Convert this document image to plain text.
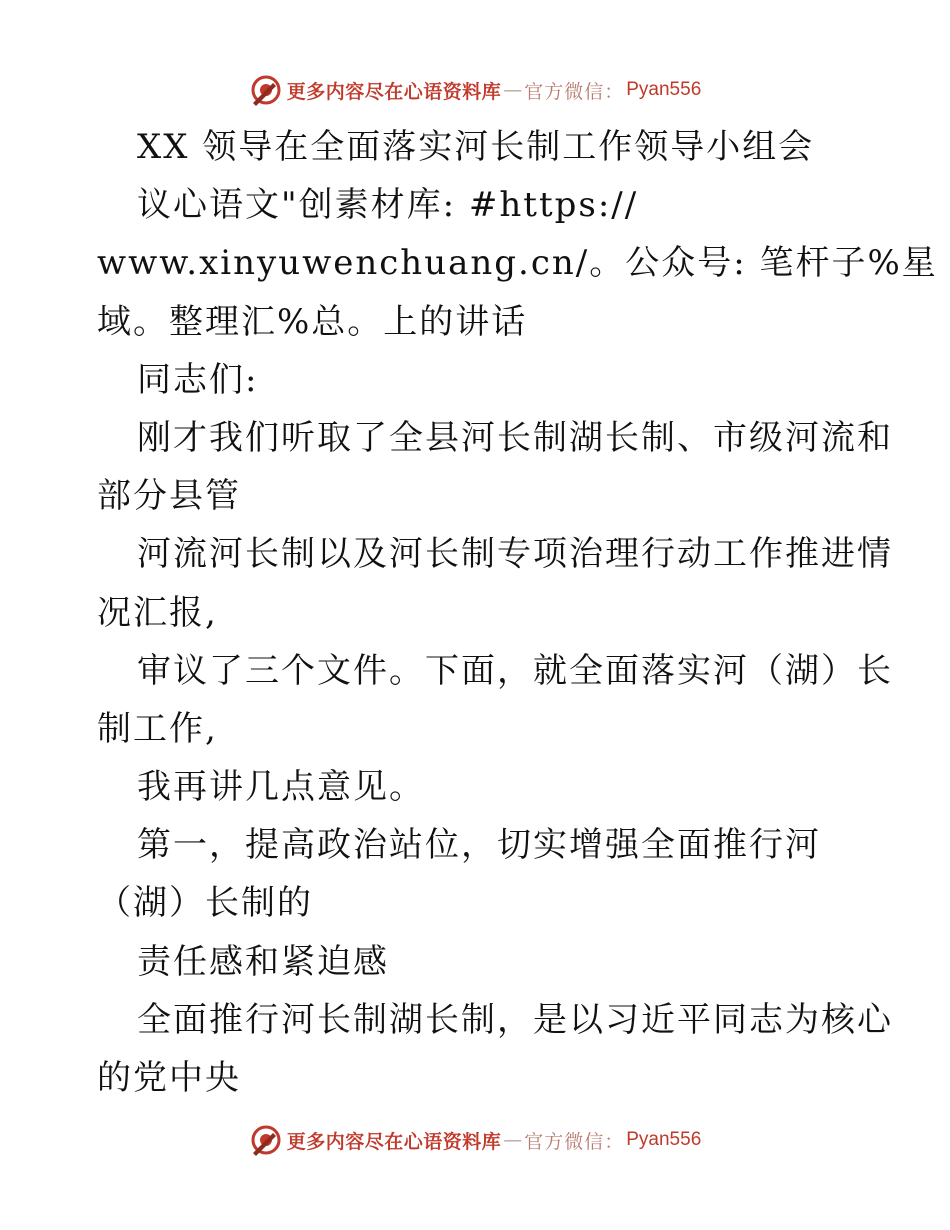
更多内容尽在心语资料库 — 官方微信： Pyan556
XX 领导在全面落实河长制工作领导小组会
议心语文"创素材库: #https://
www.xinyuwenchuang.cn/。公众号: 笔杆子%星
域。整理汇%总。上的讲话
同志们:
刚才我们听取了全县河长制湖长制、市级河流和
部分县管
河流河长制以及河长制专项治理行动工作推进情
况汇报,
审议了三个文件。下面，就全面落实河（湖）长
制工作,
我再讲几点意见。
第一，提高政治站位，切实增强全面推行河
（湖）长制的
责任感和紧迫感
全面推行河长制湖长制，是以习近平同志为核心
的党中央
更多内容尽在心语资料库 — 官方微信： Pyan556
